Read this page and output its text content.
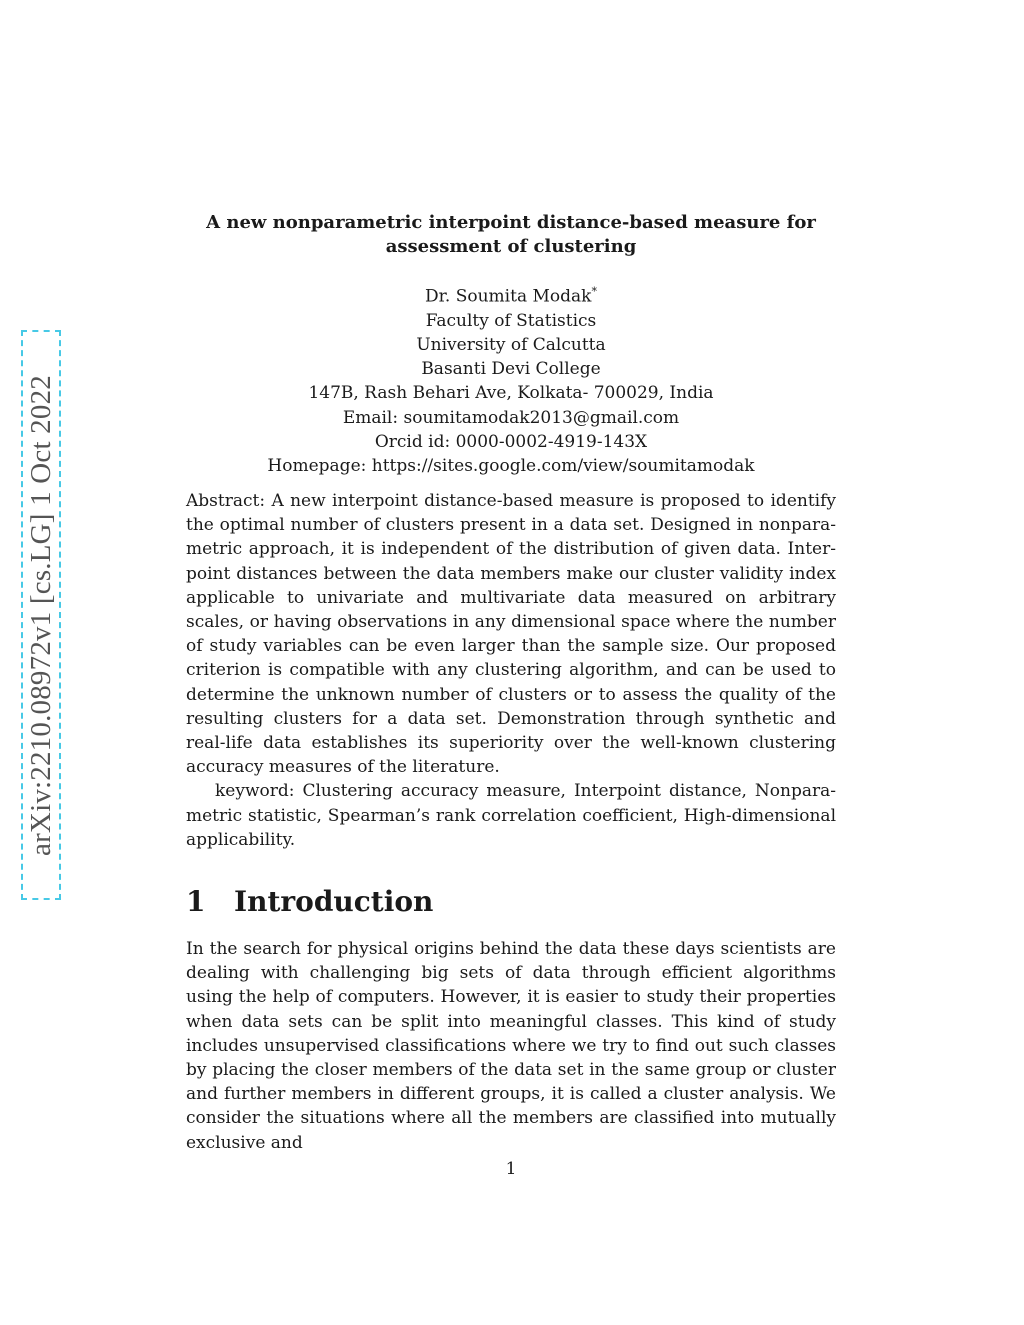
arXiv:2210.08972v1 [cs.LG] 1 Oct 2022
A new nonparametric interpoint distance-based measure for
assessment of clustering
Dr. Soumita Modak*
Faculty of Statistics
University of Calcutta
Basanti Devi College
147B, Rash Behari Ave, Kolkata- 700029, India
Email: soumitamodak2013@gmail.com
Orcid id: 0000-0002-4919-143X
Homepage: https://sites.google.com/view/soumitamodak

Abstract: A new interpoint distance-based measure is proposed to identify the optimal number of clusters present in a data set. Designed in nonparametric approach, it is independent of the distribution of given data. Interpoint distances between the data members make our cluster validity index applicable to univariate and multivariate data measured on arbitrary scales, or having observations in any dimensional space where the number of study variables can be even larger than the sample size. Our proposed criterion is compatible with any clustering algorithm, and can be used to determine the unknown number of clusters or to assess the quality of the resulting clusters for a data set. Demonstration through synthetic and real-life data establishes its superiority over the well-known clustering accuracy measures of the literature.

keyword: Clustering accuracy measure, Interpoint distance, Nonparametric statistic, Spearman’s rank correlation coefficient, High-dimensional applicability.

1 Introduction

In the search for physical origins behind the data these days scientists are dealing with challenging big sets of data through efficient algorithms using the help of computers. However, it is easier to study their properties when data sets can be split into meaningful classes. This kind of study includes unsupervised classifications where we try to find out such classes by placing the closer members of the data set in the same group or cluster and further members in different groups, it is called a cluster analysis. We consider the situations where all the members are classified into mutually exclusive and

1
